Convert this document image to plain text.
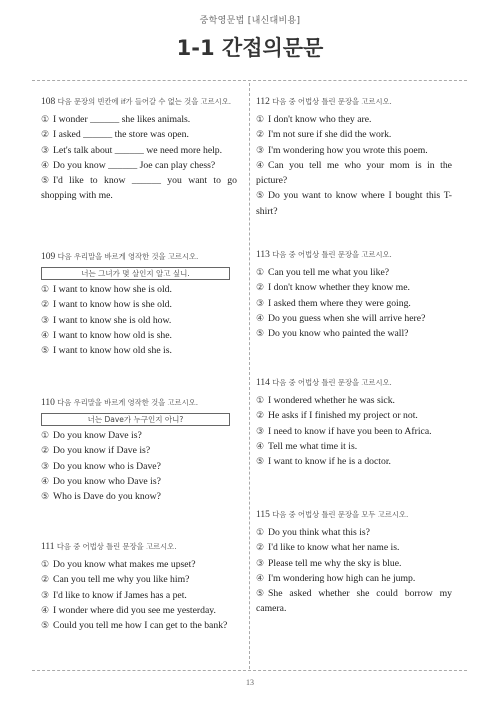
중학영문법 [내신대비용]
1-1 간접의문문
108 다음 문장의 빈칸에 if가 들어갈 수 없는 것을 고르시오.
① I wonder ______ she likes animals.
② I asked ______ the store was open.
③ Let's talk about ______ we need more help.
④ Do you know ______ Joe can play chess?
⑤ I'd like to know ______ you want to go shopping with me.
109 다음 우리말을 바르게 영작한 것을 고르시오.
너는 그녀가 몇 살인지 알고 싶니.
① I want to know how she is old.
② I want to know how is she old.
③ I want to know she is old how.
④ I want to know how old is she.
⑤ I want to know how old she is.
110 다음 우리말을 바르게 영작한 것을 고르시오.
너는 Dave가 누구인지 아니?
① Do you know Dave is?
② Do you know if Dave is?
③ Do you know who is Dave?
④ Do you know who Dave is?
⑤ Who is Dave do you know?
111 다음 중 어법상 틀린 문장을 고르시오.
① Do you know what makes me upset?
② Can you tell me why you like him?
③ I'd like to know if James has a pet.
④ I wonder where did you see me yesterday.
⑤ Could you tell me how I can get to the bank?
112 다음 중 어법상 틀린 문장을 고르시오.
① I don't know who they are.
② I'm not sure if she did the work.
③ I'm wondering how you wrote this poem.
④ Can you tell me who your mom is in the picture?
⑤ Do you want to know where I bought this T-shirt?
113 다음 중 어법상 틀린 문장을 고르시오.
① Can you tell me what you like?
② I don't know whether they know me.
③ I asked them where they were going.
④ Do you guess when she will arrive here?
⑤ Do you know who painted the wall?
114 다음 중 어법상 틀린 문장을 고르시오.
① I wondered whether he was sick.
② He asks if I finished my project or not.
③ I need to know if have you been to Africa.
④ Tell me what time it is.
⑤ I want to know if he is a doctor.
115 다음 중 어법상 틀린 문장을 모두 고르시오.
① Do you think what this is?
② I'd like to know what her name is.
③ Please tell me why the sky is blue.
④ I'm wondering how high can he jump.
⑤ She asked whether she could borrow my camera.
13
